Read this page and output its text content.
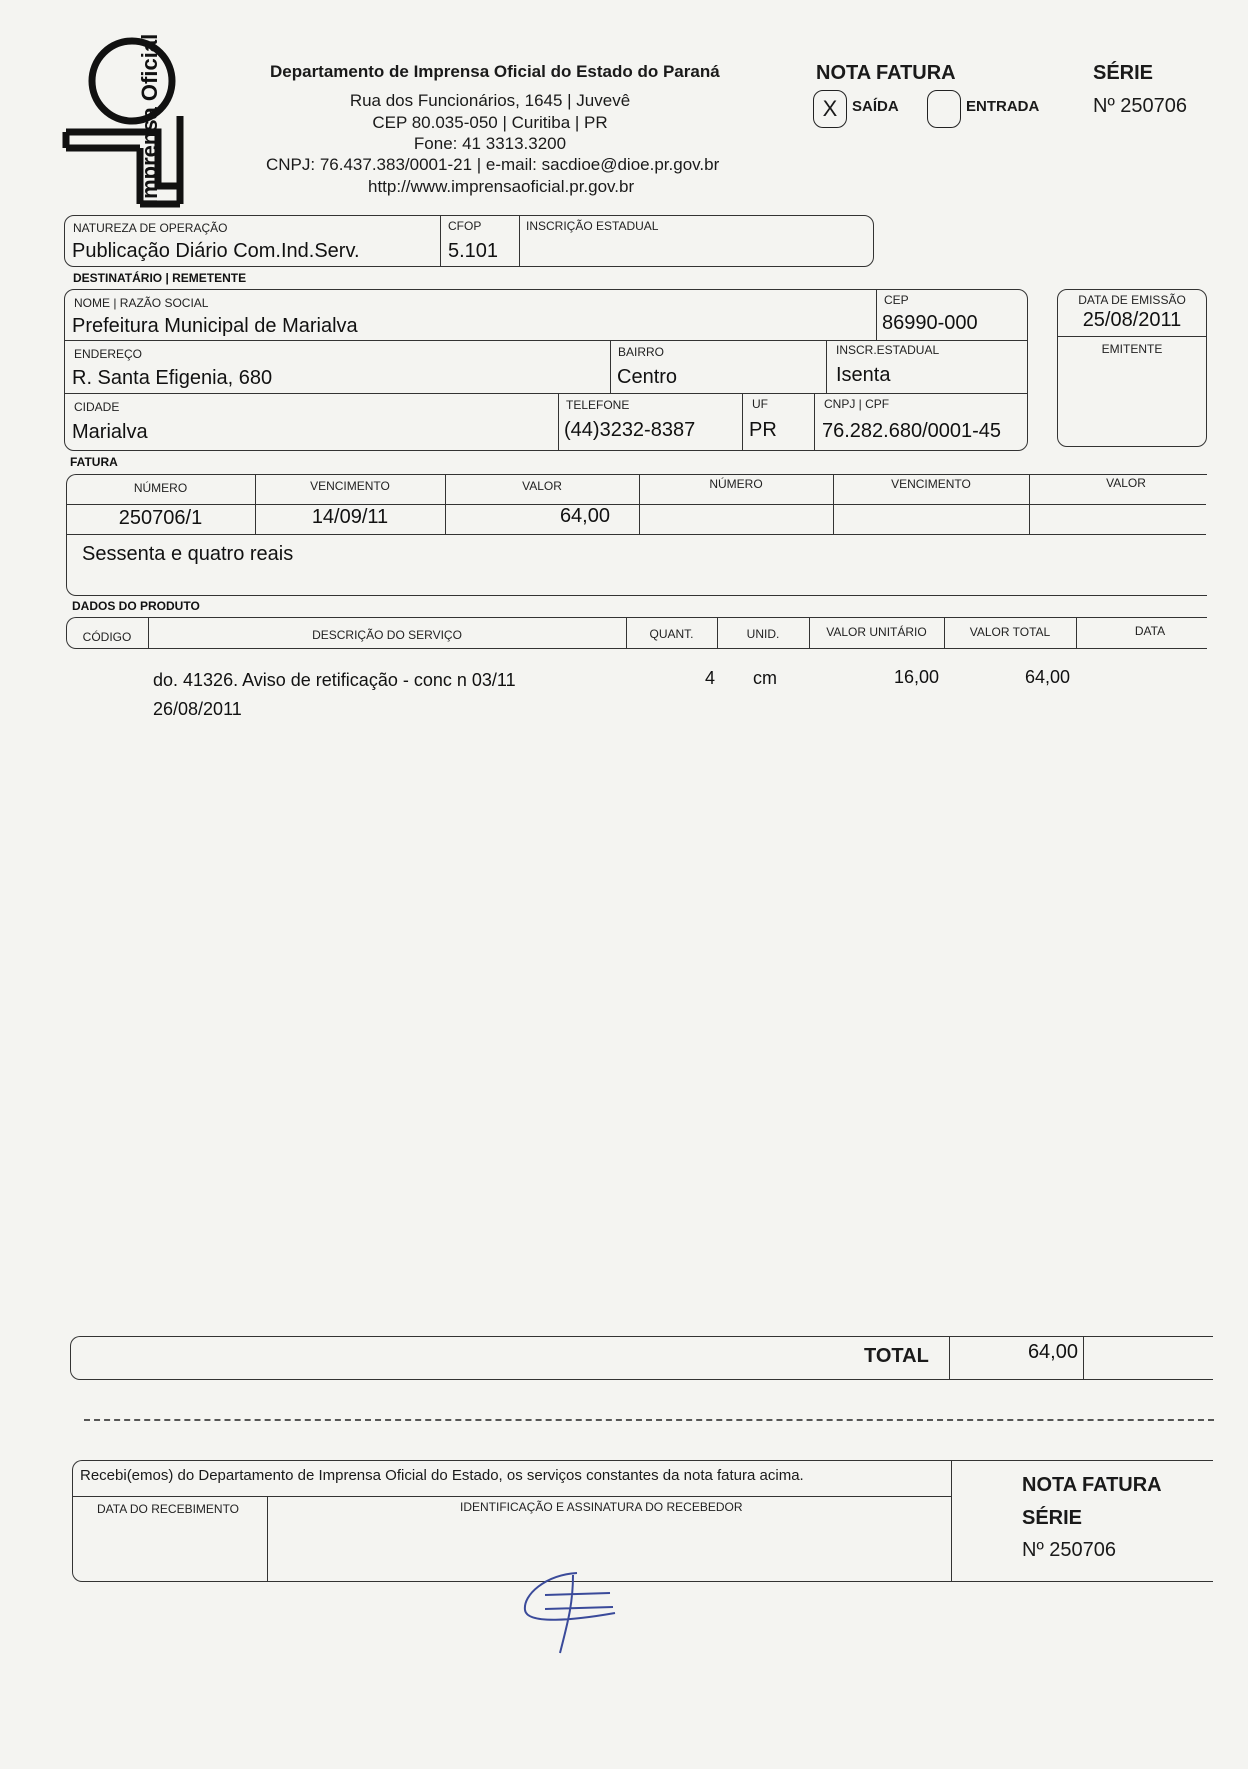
Imprensa Oficial	Departamento de Imprensa Oficial do Estado do Paraná
Rua dos Funcionários, 1645 | Juvevê
CEP 80.035-050 | Curitiba | PR
Fone: 41 3313.3200
CNPJ: 76.437.383/0001-21 | e-mail: sacdioe@dioe.pr.gov.br
http://www.imprensaoficial.pr.gov.br
NOTA FATURA
X SAÍDA	ENTRADA
SÉRIE
Nº 250706
NATUREZA DE OPERAÇÃO
Publicação Diário Com.Ind.Serv.
CFOP
5.101
INSCRIÇÃO ESTADUAL
DESTINATÁRIO | REMETENTE
NOME | RAZÃO SOCIAL
Prefeitura Municipal de Marialva
CEP
86990-000
ENDEREÇO
R. Santa Efigenia, 680
BAIRRO
Centro
INSCR.ESTADUAL
Isenta
CIDADE
Marialva
TELEFONE
(44)3232-8387
UF
PR
CNPJ | CPF
76.282.680/0001-45
DATA DE EMISSÃO
25/08/2011
EMITENTE
FATURA
NÚMERO	VENCIMENTO	VALOR	NÚMERO	VENCIMENTO	VALOR
250706/1	14/09/11	64,00
Sessenta e quatro reais
DADOS DO PRODUTO
CÓDIGO	DESCRIÇÃO DO SERVIÇO	QUANT.	UNID.	VALOR UNITÁRIO	VALOR TOTAL	DATA
do. 41326. Aviso de retificação - conc n 03/11
26/08/2011
4	cm	16,00	64,00
TOTAL	64,00
Recebi(emos) do Departamento de Imprensa Oficial do Estado, os serviços constantes da nota fatura acima.
DATA DO RECEBIMENTO	IDENTIFICAÇÃO E ASSINATURA DO RECEBEDOR
NOTA FATURA
SÉRIE
Nº 250706
